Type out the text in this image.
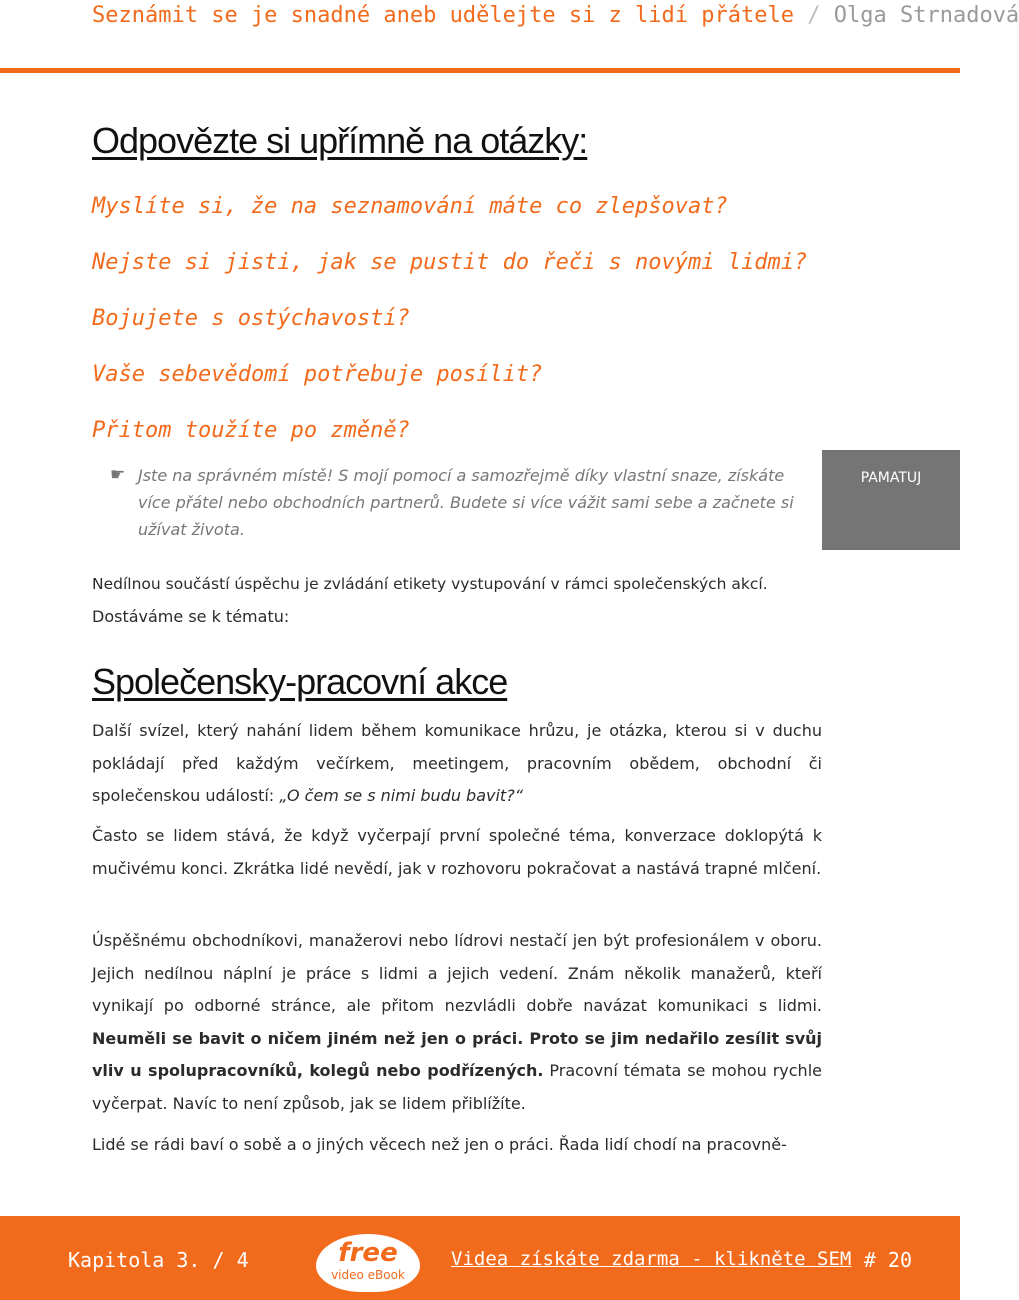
Seznámit se je snadné aneb udělejte si z lidí přátele / Olga Strnadová
Odpovězte si upřímně na otázky:
Myslíte si, že na seznamování máte co zlepšovat?
Nejste si jisti, jak se pustit do řeči s novými lidmi?
Bojujete s ostýchavostí?
Vaše sebevědomí potřebuje posílit?
Přitom toužíte po změně?
☛ Jste na správném místě! S mojí pomocí a samozřejmě díky vlastní snaze, získáte více přátel nebo obchodních partnerů. Budete si více vážit sami sebe a začnete si užívat života.
PAMATUJ

Nedílnou součástí úspěchu je zvládání etikety vystupování v rámci společenských akcí.

Dostáváme se k tématu:

Společensky-pracovní akce

Další svízel, který nahání lidem během komunikace hrůzu, je otázka, kterou si v duchu pokládají před každým večírkem, meetingem, pracovním obědem, obchodní či společenskou událostí: „O čem se s nimi budu bavit?“

Často se lidem stává, že když vyčerpají první společné téma, konverzace doklopýtá k mučivému konci. Zkrátka lidé nevědí, jak v rozhovoru pokračovat a nastává trapné mlčení.

Úspěšnému obchodníkovi, manažerovi nebo lídrovi nestačí jen být profesionálem v oboru. Jejich nedílnou náplní je práce s lidmi a jejich vedení. Znám několik manažerů, kteří vynikají po odborné stránce, ale přitom nezvládli dobře navázat komunikaci s lidmi. Neuměli se bavit o ničem jiném než jen o práci. Proto se jim nedařilo zesílit svůj vliv u spolupracovníků, kolegů nebo podřízených. Pracovní témata se mohou rychle vyčerpat. Navíc to není způsob, jak se lidem přiblížíte.

Lidé se rádi baví o sobě a o jiných věcech než jen o práci. Řada lidí chodí na pracovně-

Kapitola 3. / 4	free
video eBook
Videa získáte zdarma - klikněte SEM # 20
